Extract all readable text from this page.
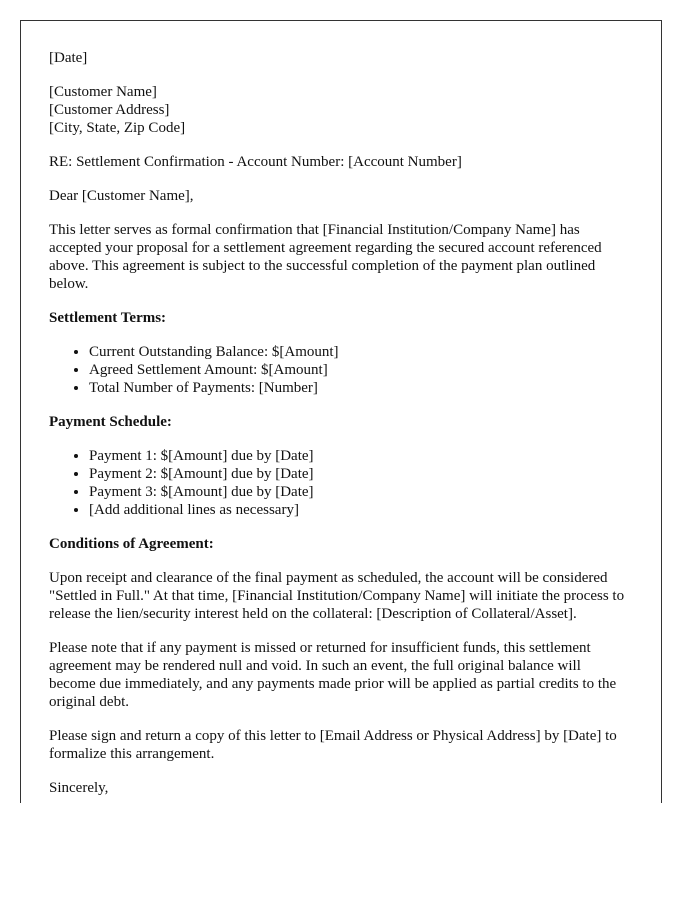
[Date]

[Customer Name]
[Customer Address]
[City, State, Zip Code]

RE: Settlement Confirmation - Account Number: [Account Number]

Dear [Customer Name],

This letter serves as formal confirmation that [Financial Institution/Company Name] has accepted your proposal for a settlement agreement regarding the secured account referenced above. This agreement is subject to the successful completion of the payment plan outlined below.

Settlement Terms:

• Current Outstanding Balance: $[Amount]
• Agreed Settlement Amount: $[Amount]
• Total Number of Payments: [Number]

Payment Schedule:

• Payment 1: $[Amount] due by [Date]
• Payment 2: $[Amount] due by [Date]
• Payment 3: $[Amount] due by [Date]
• [Add additional lines as necessary]

Conditions of Agreement:

Upon receipt and clearance of the final payment as scheduled, the account will be considered "Settled in Full." At that time, [Financial Institution/Company Name] will initiate the process to release the lien/security interest held on the collateral: [Description of Collateral/Asset].

Please note that if any payment is missed or returned for insufficient funds, this settlement agreement may be rendered null and void. In such an event, the full original balance will become due immediately, and any payments made prior will be applied as partial credits to the original debt.

Please sign and return a copy of this letter to [Email Address or Physical Address] by [Date] to formalize this arrangement.

Sincerely,
